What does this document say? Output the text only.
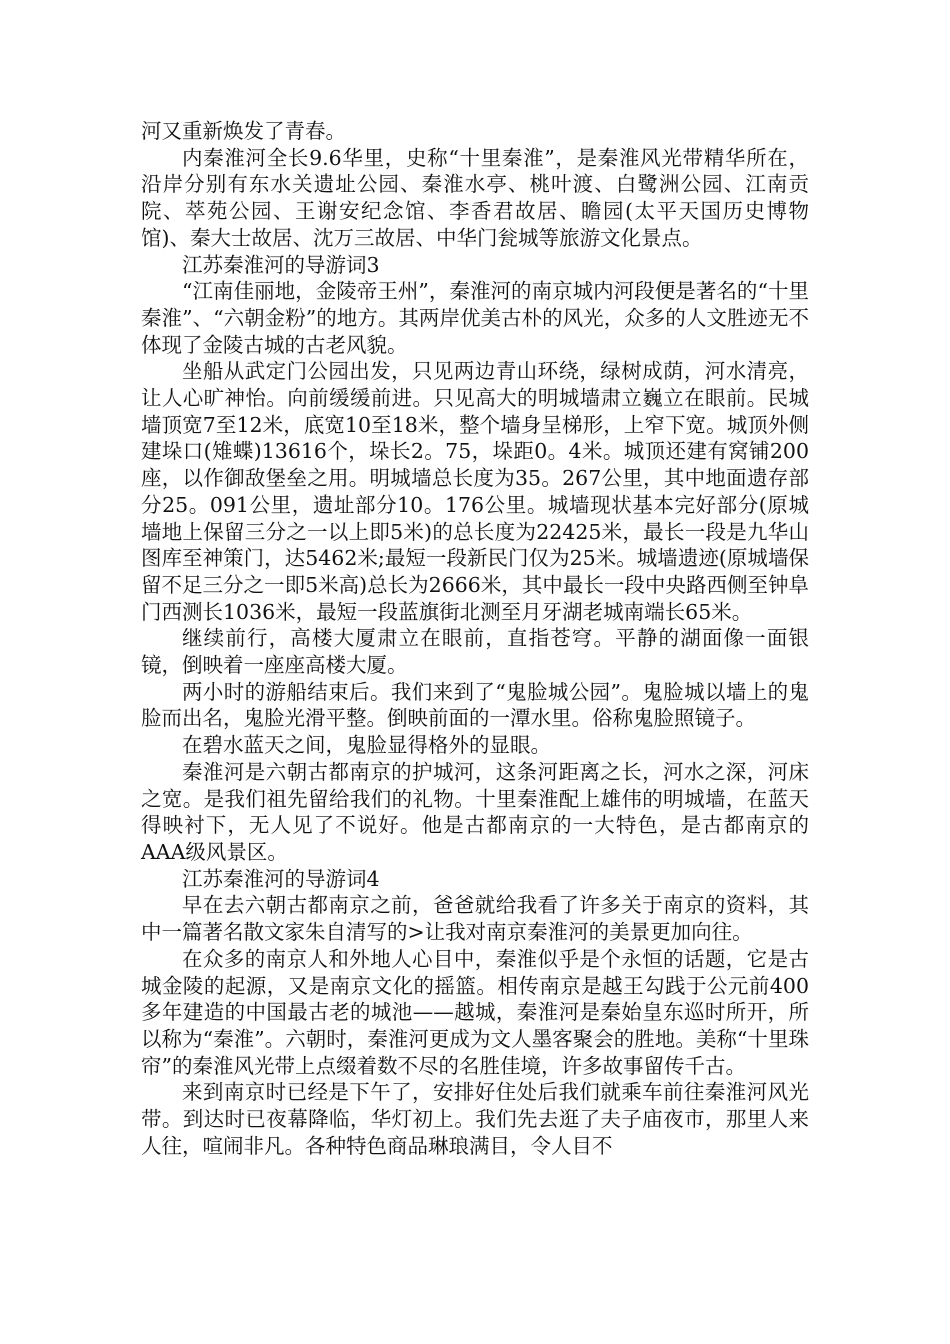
河又重新焕发了青春。

内秦淮河全长9.6华里，史称“十里秦淮”，是秦淮风光带精华所在，沿岸分别有东水关遗址公园、秦淮水亭、桃叶渡、白鹭洲公园、江南贡院、萃苑公园、王谢安纪念馆、李香君故居、瞻园(太平天国历史博物馆)、秦大士故居、沈万三故居、中华门瓮城等旅游文化景点。

江苏秦淮河的导游词3

“江南佳丽地，金陵帝王州”，秦淮河的南京城内河段便是著名的“十里秦淮”、“六朝金粉”的地方。其两岸优美古朴的风光，众多的人文胜迹无不体现了金陵古城的古老风貌。

坐船从武定门公园出发，只见两边青山环绕，绿树成荫，河水清亮，让人心旷神怡。向前缓缓前进。只见高大的明城墙肃立巍立在眼前。民城墙顶宽7至12米，底宽10至18米，整个墙身呈梯形，上窄下宽。城顶外侧建垛口(雉蝶)13616个，垛长2。75，垛距0。4米。城顶还建有窝铺200座，以作御敌堡垒之用。明城墙总长度为35。267公里，其中地面遗存部分25。091公里，遗址部分10。176公里。城墙现状基本完好部分(原城墙地上保留三分之一以上即5米)的总长度为22425米，最长一段是九华山图库至神策门，达5462米;最短一段新民门仅为25米。城墙遗迹(原城墙保留不足三分之一即5米高)总长为2666米，其中最长一段中央路西侧至钟阜门西测长1036米，最短一段蓝旗街北测至月牙湖老城南端长65米。

继续前行，高楼大厦肃立在眼前，直指苍穹。平静的湖面像一面银镜，倒映着一座座高楼大厦。

两小时的游船结束后。我们来到了“鬼脸城公园”。鬼脸城以墙上的鬼脸而出名，鬼脸光滑平整。倒映前面的一潭水里。俗称鬼脸照镜子。

在碧水蓝天之间，鬼脸显得格外的显眼。

秦淮河是六朝古都南京的护城河，这条河距离之长，河水之深，河床之宽。是我们祖先留给我们的礼物。十里秦淮配上雄伟的明城墙，在蓝天得映衬下，无人见了不说好。他是古都南京的一大特色，是古都南京的AAA级风景区。

江苏秦淮河的导游词4

早在去六朝古都南京之前，爸爸就给我看了许多关于南京的资料，其中一篇著名散文家朱自清写的>让我对南京秦淮河的美景更加向往。

在众多的南京人和外地人心目中，秦淮似乎是个永恒的话题，它是古城金陵的起源，又是南京文化的摇篮。相传南京是越王勾践于公元前400多年建造的中国最古老的城池——越城，秦淮河是秦始皇东巡时所开，所以称为“秦淮”。六朝时，秦淮河更成为文人墨客聚会的胜地。美称“十里珠帘”的秦淮风光带上点缀着数不尽的名胜佳境，许多故事留传千古。

来到南京时已经是下午了，安排好住处后我们就乘车前往秦淮河风光带。到达时已夜幕降临，华灯初上。我们先去逛了夫子庙夜市，那里人来人往，喧闹非凡。各种特色商品琳琅满目，令人目不
